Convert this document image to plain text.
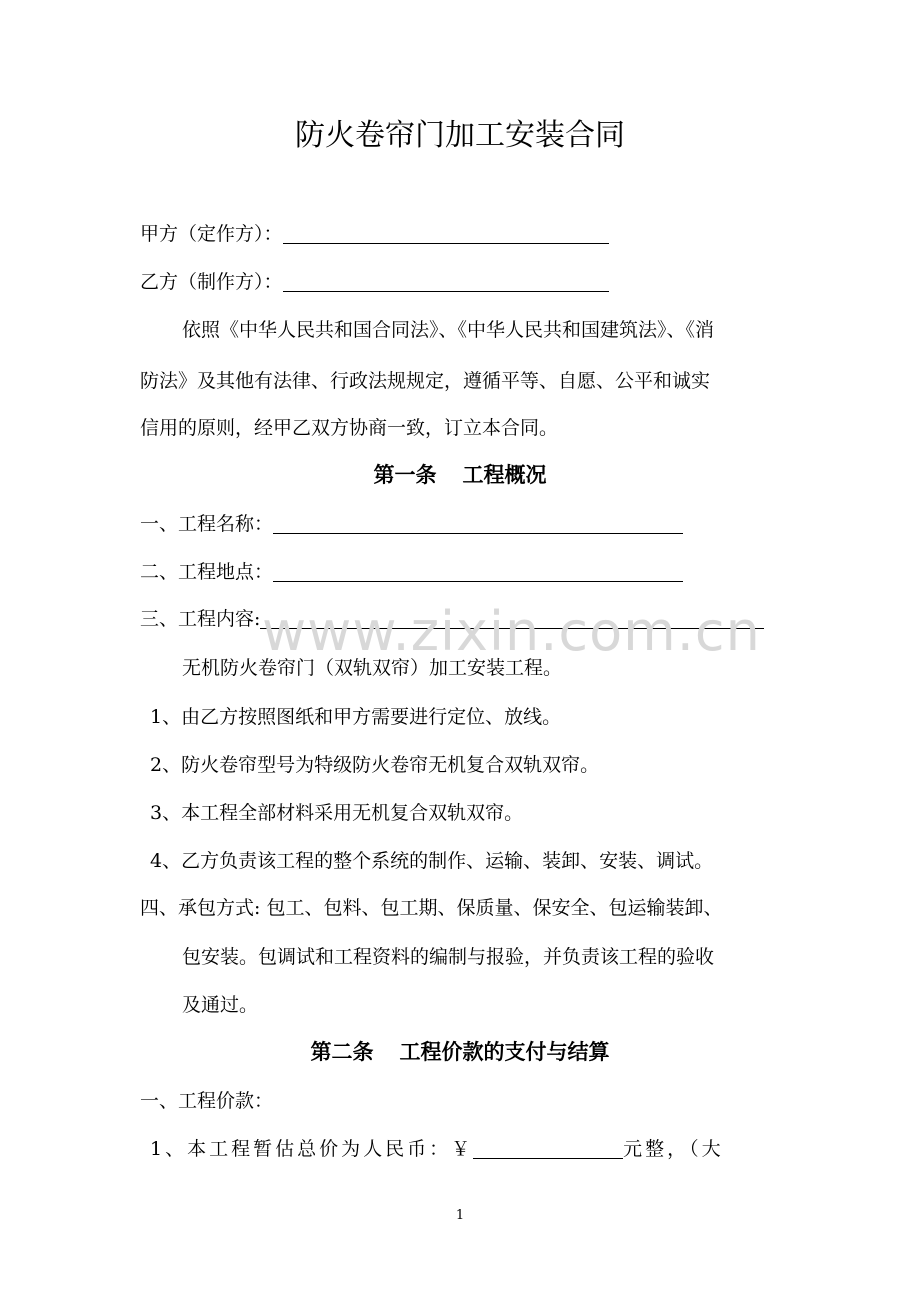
防火卷帘门加工安装合同
甲方（定作方）：
乙方（制作方）：
依照《中华人民共和国合同法》、《中华人民共和国建筑法》、《消
防法》及其他有法律、行政法规规定，遵循平等、自愿、公平和诚实
信用的原则，经甲乙双方协商一致，订立本合同。
第一条 工程概况
一、工程名称：
二、工程地点：
三、工程内容:
无机防火卷帘门（双轨双帘）加工安装工程。
1、由乙方按照图纸和甲方需要进行定位、放线。
2、防火卷帘型号为特级防火卷帘无机复合双轨双帘。
3、本工程全部材料采用无机复合双轨双帘。
4、乙方负责该工程的整个系统的制作、运输、装卸、安装、调试。
四、承包方式: 包工、包料、包工期、保质量、保安全、包运输装卸、
包安装。包调试和工程资料的编制与报验，并负责该工程的验收
及通过。
第二条 工程价款的支付与结算
一、工程价款：
1、本工程暂估总价为人民币：￥	元整，（大
www.zixin.com.cn
1
